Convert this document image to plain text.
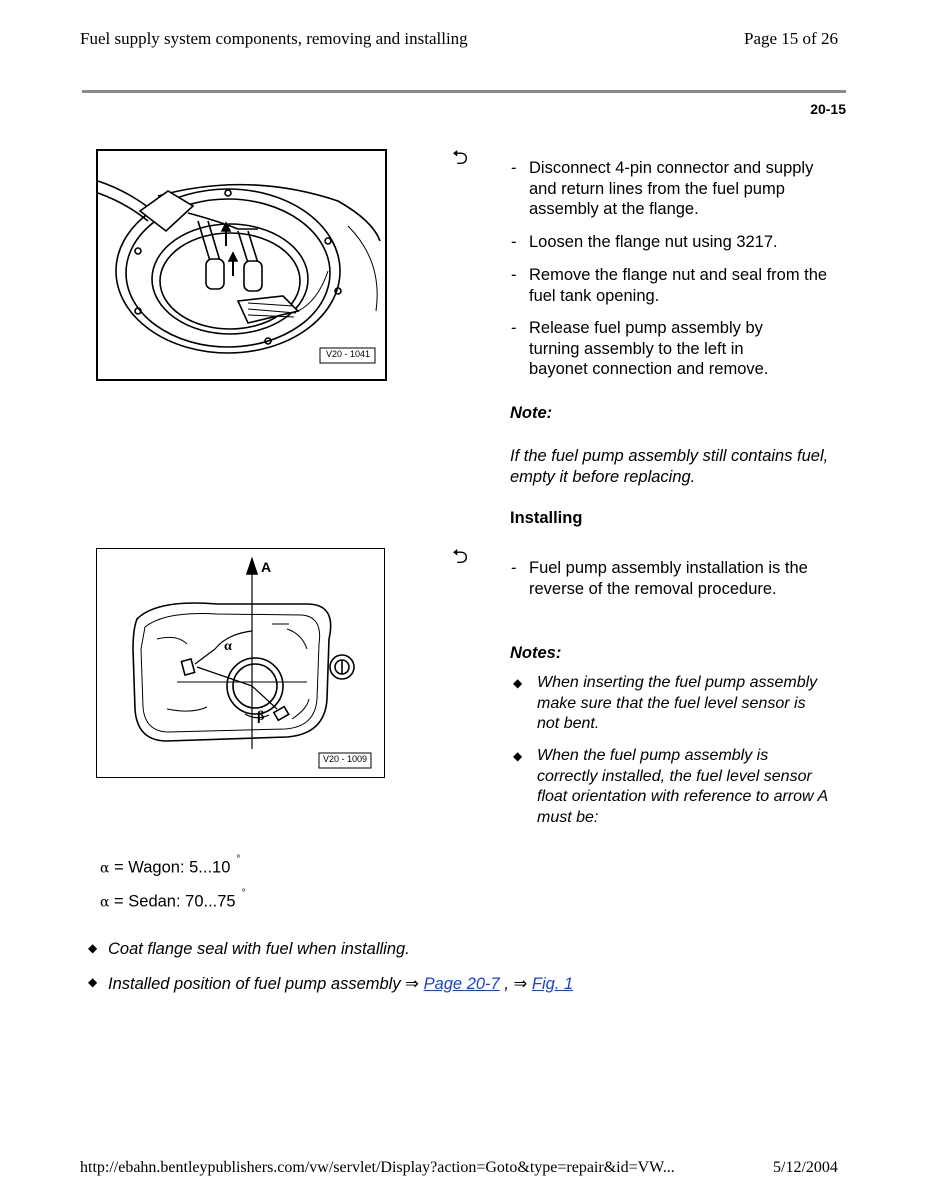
Fuel supply system components, removing and installing	Page 15 of 26
20-15
V20 - 1041
⮌	- Disconnect 4-pin connector and supply and return lines from the fuel pump assembly at the flange.
- Loosen the flange nut using 3217.
- Remove the flange nut and seal from the fuel tank opening.
- Release fuel pump assembly by turning assembly to the left in bayonet connection and remove.
Note:
If the fuel pump assembly still contains fuel, empty it before replacing.
Installing
A
α
β
V20 - 1009
⮌	- Fuel pump assembly installation is the reverse of the removal procedure.
Notes:
◆ When inserting the fuel pump assembly make sure that the fuel level sensor is not bent.
◆ When the fuel pump assembly is correctly installed, the fuel level sensor float orientation with reference to arrow A must be:
α = Wagon: 5...10 °
α = Sedan: 70...75 °
◆ Coat flange seal with fuel when installing.
◆ Installed position of fuel pump assembly ⇒ Page 20-7 , ⇒ Fig. 1
http://ebahn.bentleypublishers.com/vw/servlet/Display?action=Goto&type=repair&id=VW...	5/12/2004
